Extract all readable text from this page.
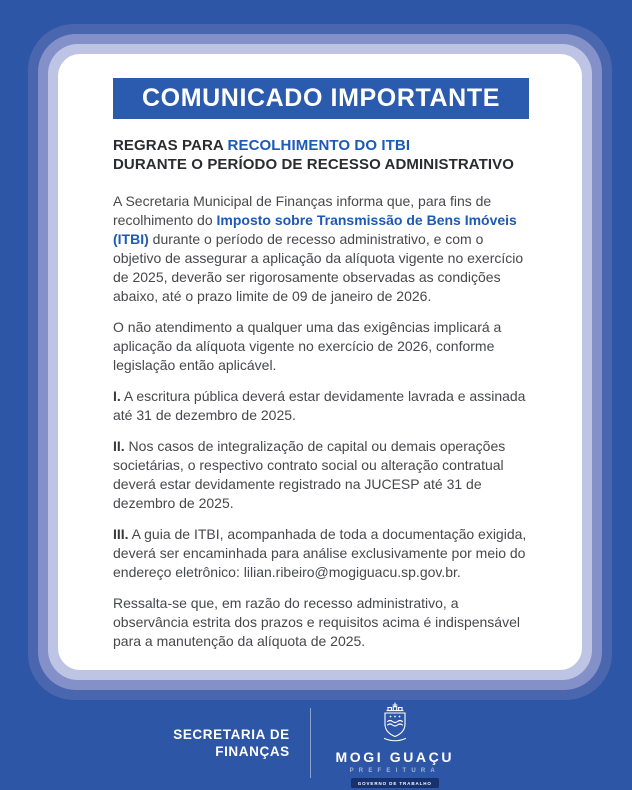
COMUNICADO IMPORTANTE
REGRAS PARA RECOLHIMENTO DO ITBI
DURANTE O PERÍODO DE RECESSO ADMINISTRATIVO

A Secretaria Municipal de Finanças informa que, para fins de recolhimento do Imposto sobre Transmissão de Bens Imóveis (ITBI) durante o período de recesso administrativo, e com o objetivo de assegurar a aplicação da alíquota vigente no exercício de 2025, deverão ser rigorosamente observadas as condições abaixo, até o prazo limite de 09 de janeiro de 2026.

O não atendimento a qualquer uma das exigências implicará a aplicação da alíquota vigente no exercício de 2026, conforme legislação então aplicável.

I. A escritura pública deverá estar devidamente lavrada e assinada até 31 de dezembro de 2025.

II. Nos casos de integralização de capital ou demais operações societárias, o respectivo contrato social ou alteração contratual deverá estar devidamente registrado na JUCESP até 31 de dezembro de 2025.

III. A guia de ITBI, acompanhada de toda a documentação exigida, deverá ser encaminhada para análise exclusivamente por meio do endereço eletrônico: lilian.ribeiro@mogiguacu.sp.gov.br.

Ressalta-se que, em razão do recesso administrativo, a observância estrita dos prazos e requisitos acima é indispensável para a manutenção da alíquota de 2025.

SECRETARIA DE
FINANÇAS	MOGI GUAÇU
PREFEITURA
GOVERNO DE TRABALHO
